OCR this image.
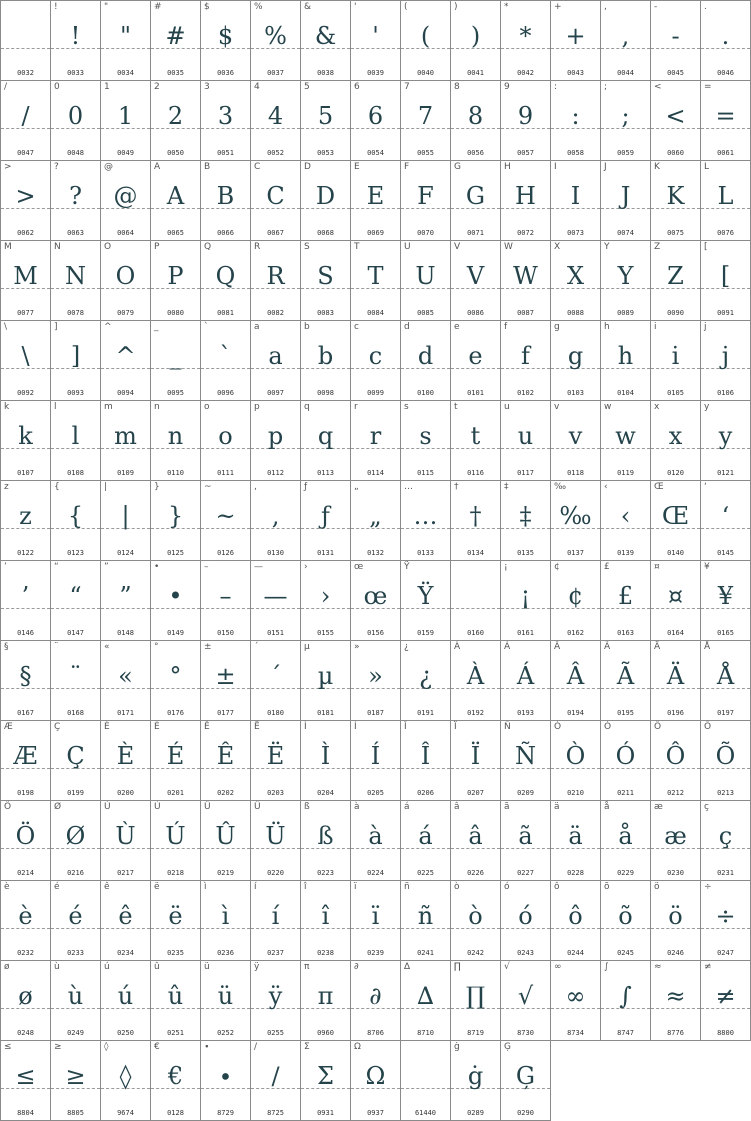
0032
!
!
0033
"
"
0034
#
#
0035
$
$
0036
%
%
0037
&
&
0038
'
'
0039
(
(
0040
)
)
0041
*
*
0042
+
+
0043
,
,
0044
-
-
0045
.
.
0046
/
/
0047
0
0
0048
1
1
0049
2
2
0050
3
3
0051
4
4
0052
5
5
0053
6
6
0054
7
7
0055
8
8
0056
9
9
0057
:
:
0058
;
;
0059
<
<
0060
=
=
0061
>
>
0062
?
?
0063
@
@
0064
A
A
0065
B
B
0066
C
C
0067
D
D
0068
E
E
0069
F
F
0070
G
G
0071
H
H
0072
I
I
0073
J
J
0074
K
K
0075
L
L
0076
M
M
0077
N
N
0078
O
O
0079
P
P
0080
Q
Q
0081
R
R
0082
S
S
0083
T
T
0084
U
U
0085
V
V
0086
W
W
0087
X
X
0088
Y
Y
0089
Z
Z
0090
[
[
0091
\
\
0092
]
]
0093
^
^
0094
_
_
0095
`
`
0096
a
a
0097
b
b
0098
c
c
0099
d
d
0100
e
e
0101
f
f
0102
g
g
0103
h
h
0104
i
i
0105
j
j
0106
k
k
0107
l
l
0108
m
m
0109
n
n
0110
o
o
0111
p
p
0112
q
q
0113
r
r
0114
s
s
0115
t
t
0116
u
u
0117
v
v
0118
w
w
0119
x
x
0120
y
y
0121
z
z
0122
{
{
0123
|
|
0124
}
}
0125
~
~
0126
‚
‚
0130
ƒ
ƒ
0131
„
„
0132
…
…
0133
†
†
0134
‡
‡
0135
‰
‰
0137
‹
‹
0139
Œ
Œ
0140
‘
‘
0145
’
’
0146
“
“
0147
”
”
0148
•
•
0149
–
–
0150
—
—
0151
›
›
0155
œ
œ
0156
Ÿ
Ÿ
0159	0160
¡
¡
0161
¢
¢
0162
£
£
0163
¤
¤
0164
¥
¥
0165
§
§
0167
¨
¨
0168
«
«
0171
°
°
0176
±
±
0177
´
´
0180
µ
µ
0181
»
»
0187
¿
¿
0191
À
À
0192
Á
Á
0193
Â
Â
0194
Ã
Ã
0195
Ä
Ä
0196
Å
Å
0197
Æ
Æ
0198
Ç
Ç
0199
È
È
0200
É
É
0201
Ê
Ê
0202
Ë
Ë
0203
Ì
Ì
0204
Í
Í
0205
Î
Î
0206
Ï
Ï
0207
Ñ
Ñ
0209
Ò
Ò
0210
Ó
Ó
0211
Ô
Ô
0212
Õ
Õ
0213
Ö
Ö
0214
Ø
Ø
0216
Ù
Ù
0217
Ú
Ú
0218
Û
Û
0219
Ü
Ü
0220
ß
ß
0223
à
à
0224
á
á
0225
â
â
0226
ã
ã
0227
ä
ä
0228
å
å
0229
æ
æ
0230
ç
ç
0231
è
è
0232
é
é
0233
ê
ê
0234
ë
ë
0235
ì
ì
0236
í
í
0237
î
î
0238
ï
ï
0239
ñ
ñ
0241
ò
ò
0242
ó
ó
0243
ô
ô
0244
õ
õ
0245
ö
ö
0246
÷
÷
0247
ø
ø
0248
ù
ù
0249
ú
ú
0250
û
û
0251
ü
ü
0252
ÿ
ÿ
0255
π
π
0960
∂
∂
8706
∆
∆
8710
∏
∏
8719
√
√
8730
∞
∞
8734
∫
∫
8747
≈
≈
8776
≠
≠
8800
≤
≤
8804
≥
≥
8805
◊
◊
9674
€
€
0128
∙
∙
8729
∕
∕
8725
Σ
Σ
0931
Ω
Ω
0937	61440
ġ
ġ
0289
Ģ
Ģ
0290
